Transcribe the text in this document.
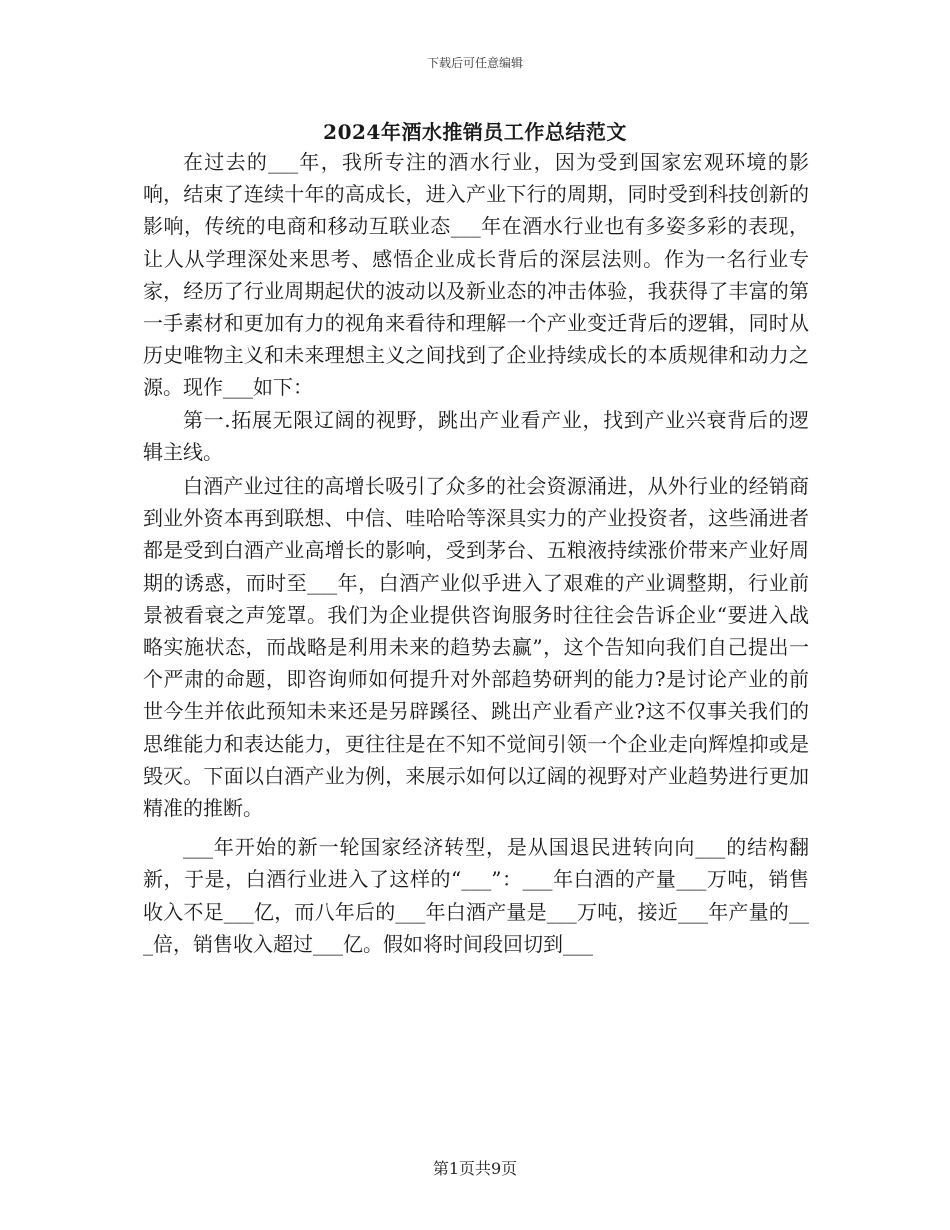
下载后可任意编辑
2024年酒水推销员工作总结范文

在过去的___年，我所专注的酒水行业，因为受到国家宏观环境的影响，结束了连续十年的高成长，进入产业下行的周期，同时受到科技创新的影响，传统的电商和移动互联业态___年在酒水行业也有多姿多彩的表现，让人从学理深处来思考、感悟企业成长背后的深层法则。作为一名行业专家，经历了行业周期起伏的波动以及新业态的冲击体验，我获得了丰富的第一手素材和更加有力的视角来看待和理解一个产业变迁背后的逻辑，同时从历史唯物主义和未来理想主义之间找到了企业持续成长的本质规律和动力之源。现作___如下：

第一.拓展无限辽阔的视野，跳出产业看产业，找到产业兴衰背后的逻辑主线。

白酒产业过往的高增长吸引了众多的社会资源涌进，从外行业的经销商到业外资本再到联想、中信、哇哈哈等深具实力的产业投资者，这些涌进者都是受到白酒产业高增长的影响，受到茅台、五粮液持续涨价带来产业好周期的诱惑，而时至___年，白酒产业似乎进入了艰难的产业调整期，行业前景被看衰之声笼罩。我们为企业提供咨询服务时往往会告诉企业“要进入战略实施状态，而战略是利用未来的趋势去赢”，这个告知向我们自己提出一个严肃的命题，即咨询师如何提升对外部趋势研判的能力?是讨论产业的前世今生并依此预知未来还是另辟蹊径、跳出产业看产业?这不仅事关我们的思维能力和表达能力，更往往是在不知不觉间引领一个企业走向辉煌抑或是毁灭。下面以白酒产业为例，来展示如何以辽阔的视野对产业趋势进行更加精准的推断。

___年开始的新一轮国家经济转型，是从国退民进转向向___的结构翻新，于是，白酒行业进入了这样的“___”：___年白酒的产量___万吨，销售收入不足___亿，而八年后的___年白酒产量是___万吨，接近___年产量的___倍，销售收入超过___亿。假如将时间段回切到___

第1页共9页
